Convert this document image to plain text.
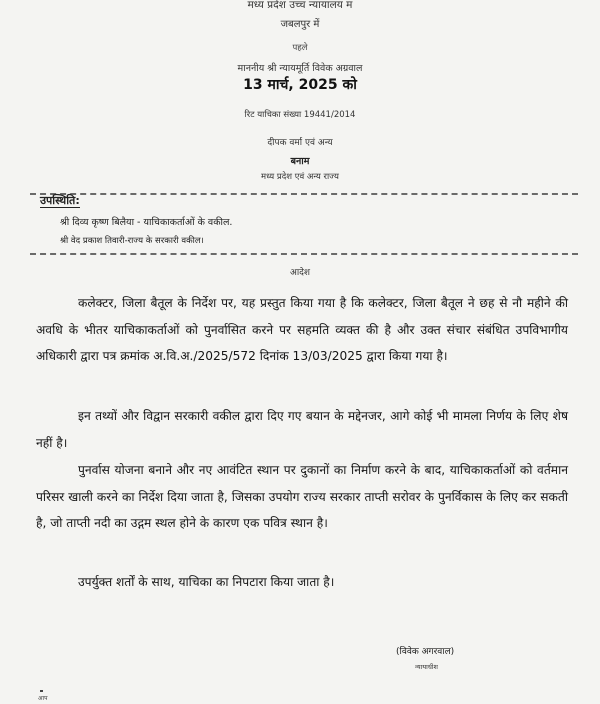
मध्य प्रदेश उच्च न्यायालय म
जबलपुर में
पहले
माननीय श्री न्यायमूर्ति विवेक अग्रवाल
13 मार्च, 2025 को
रिट याचिका संख्या 19441/2014
दीपक वर्मा एवं अन्य
बनाम
मध्य प्रदेश एवं अन्य राज्य
उपस्थिति:
श्री दिव्य कृष्ण बिलैया - याचिकाकर्ताओं के वकील.
श्री वेद प्रकाश तिवारी-राज्य के सरकारी वकील।
आदेश
कलेक्टर, जिला बैतूल के निर्देश पर, यह प्रस्तुत किया गया है कि कलेक्टर, जिला बैतूल ने छह से नौ महीने की अवधि के भीतर याचिकाकर्ताओं को पुनर्वासित करने पर सहमति व्यक्त की है और उक्त संचार संबंधित उपविभागीय अधिकारी द्वारा पत्र क्रमांक अ.वि.अ./2025/572 दिनांक 13/03/2025 द्वारा किया गया है।
इन तथ्यों और विद्वान सरकारी वकील द्वारा दिए गए बयान के मद्देनजर, आगे कोई भी मामला निर्णय के लिए शेष नहीं है।
पुनर्वास योजना बनाने और नए आवंटित स्थान पर दुकानों का निर्माण करने के बाद, याचिकाकर्ताओं को वर्तमान परिसर खाली करने का निर्देश दिया जाता है, जिसका उपयोग राज्य सरकार ताप्ती सरोवर के पुनर्विकास के लिए कर सकती है, जो ताप्ती नदी का उद्गम स्थल होने के कारण एक पवित्र स्थान है।
उपर्युक्त शर्तों के साथ, याचिका का निपटारा किया जाता है।
(विवेक अगरवाल)
न्यायाधीश
आप
